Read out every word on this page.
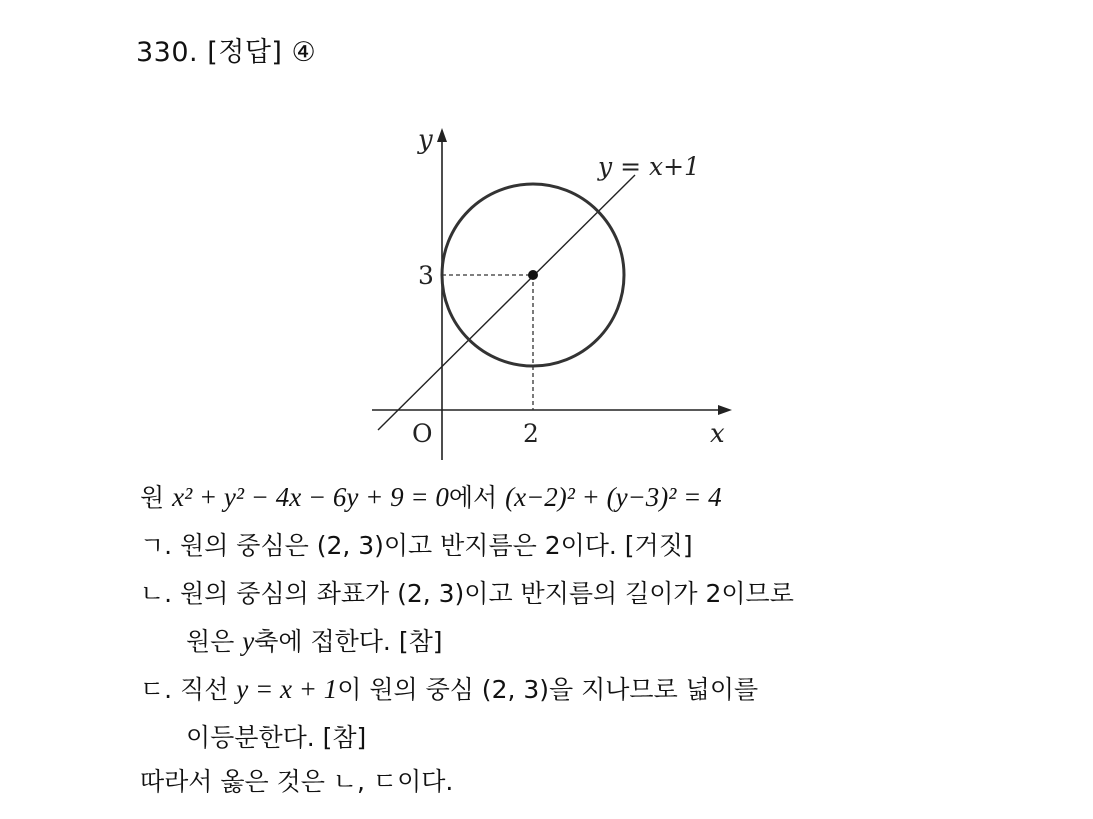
330. [정답] ④
y
x
y = x+1
3
2
O
원 x² + y² − 4x − 6y + 9 = 0에서 (x−2)² + (y−3)² = 4
ㄱ. 원의 중심은 (2, 3)이고 반지름은 2이다. [거짓]
ㄴ. 원의 중심의 좌표가 (2, 3)이고 반지름의 길이가 2이므로
원은 y축에 접한다. [참]
ㄷ. 직선 y = x + 1이 원의 중심 (2, 3)을 지나므로 넓이를
이등분한다. [참]
따라서 옳은 것은 ㄴ, ㄷ이다.
